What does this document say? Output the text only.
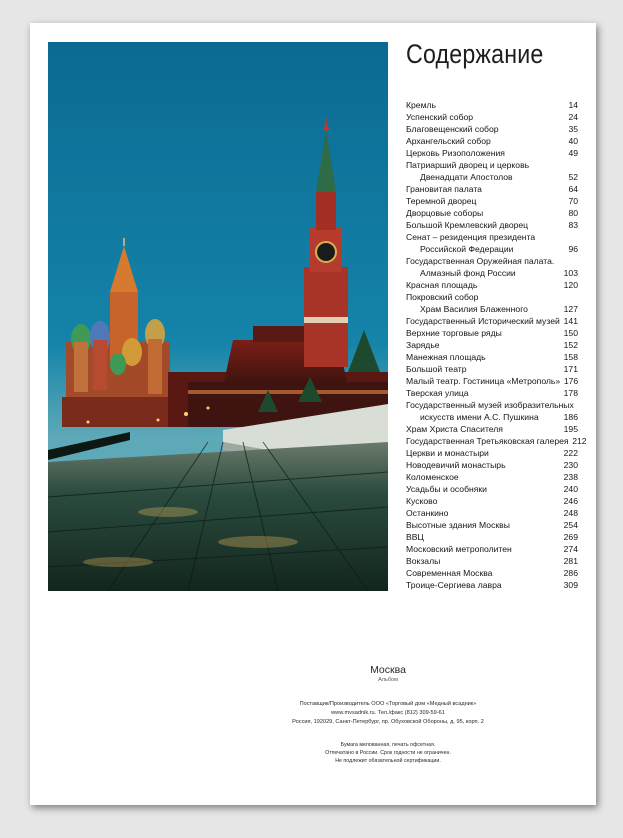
Содержание
Кремль	14
Успенский собор	24
Благовещенский собор	35
Архангельский собор	40
Церковь Ризоположения	49
Патриарший дворец и церковь
Двенадцати Апостолов	52
Грановитая палата	64
Теремной дворец	70
Дворцовые соборы	80
Большой Кремлевский дворец	83
Сенат – резиденция президента
Российской Федерации	96
Государственная Оружейная палата.
Алмазный фонд России	103
Красная площадь	120
Покровский собор
Храм Василия Блаженного	127
Государственный Исторический музей 141
Верхние торговые ряды	150
Зарядье	152
Манежная площадь	158
Большой театр	171
Малый театр. Гостиница «Метрополь» 176
Тверская улица	178
Государственный музей изобразительных
искусств имени А.С. Пушкина	186
Храм Христа Спасителя	195
Государственная Третьяковская галерея 212
Церкви и монастыри	222
Новодевичий монастырь	230
Коломенское	238
Усадьбы и особняки	240
Кусково	246
Останкино	248
Высотные здания Москвы	254
ВВЦ	269
Московский метрополитен	274
Вокзалы	281
Современная Москва	286
Троице-Сергиева лавра	309
Москва
Альбом
Поставщик/Производитель ООО «Торговый дом «Медный всадник»
www.mvsadnik.ru. Тел./факс (812) 309-59-61
Россия, 192029, Санкт-Петербург, пр. Обуховской Обороны, д. 95, корп. 2
Бумага мелованная, печать офсетная.
Отпечатано в России. Срок годности не ограничен.
Не подлежит обязательной сертификации.
